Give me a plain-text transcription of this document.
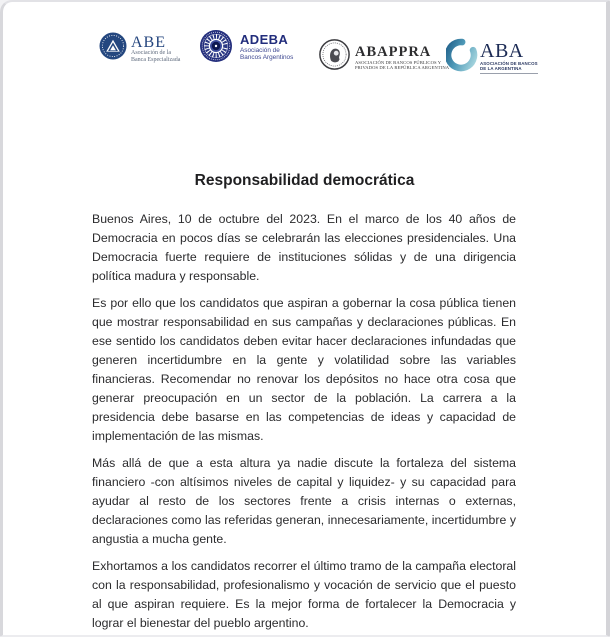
ABE
Asociación de la
Banca Especializada
ADEBA
Asociación de
Bancos Argentinos	ABAPPRA
ASOCIACIÓN DE BANCOS PÚBLICOS Y
PRIVADOS DE LA REPÚBLICA ARGENTINA
ABA
ASOCIACIÓN DE BANCOS
DE LA ARGENTINA
Responsabilidad democrática
Buenos Aires, 10 de octubre del 2023. En el marco de los 40 años de
Democracia en pocos días se celebrarán las elecciones presidenciales. Una
Democracia fuerte requiere de instituciones sólidas y de una dirigencia
política madura y responsable.
Es por ello que los candidatos que aspiran a gobernar la cosa pública tienen
que mostrar responsabilidad en sus campañas y declaraciones públicas. En
ese sentido los candidatos deben evitar hacer declaraciones infundadas que
generen incertidumbre en la gente y volatilidad sobre las variables
financieras. Recomendar no renovar los depósitos no hace otra cosa que
generar preocupación en un sector de la población. La carrera a la
presidencia debe basarse en las competencias de ideas y capacidad de
implementación de las mismas.
Más allá de que a esta altura ya nadie discute la fortaleza del sistema
financiero -con altísimos niveles de capital y liquidez- y su capacidad para
ayudar al resto de los sectores frente a crisis internas o externas,
declaraciones como las referidas generan, innecesariamente, incertidumbre y
angustia a mucha gente.
Exhortamos a los candidatos recorrer el último tramo de la campaña electoral
con la responsabilidad, profesionalismo y vocación de servicio que el puesto
al que aspiran requiere. Es la mejor forma de fortalecer la Democracia y
lograr el bienestar del pueblo argentino.
